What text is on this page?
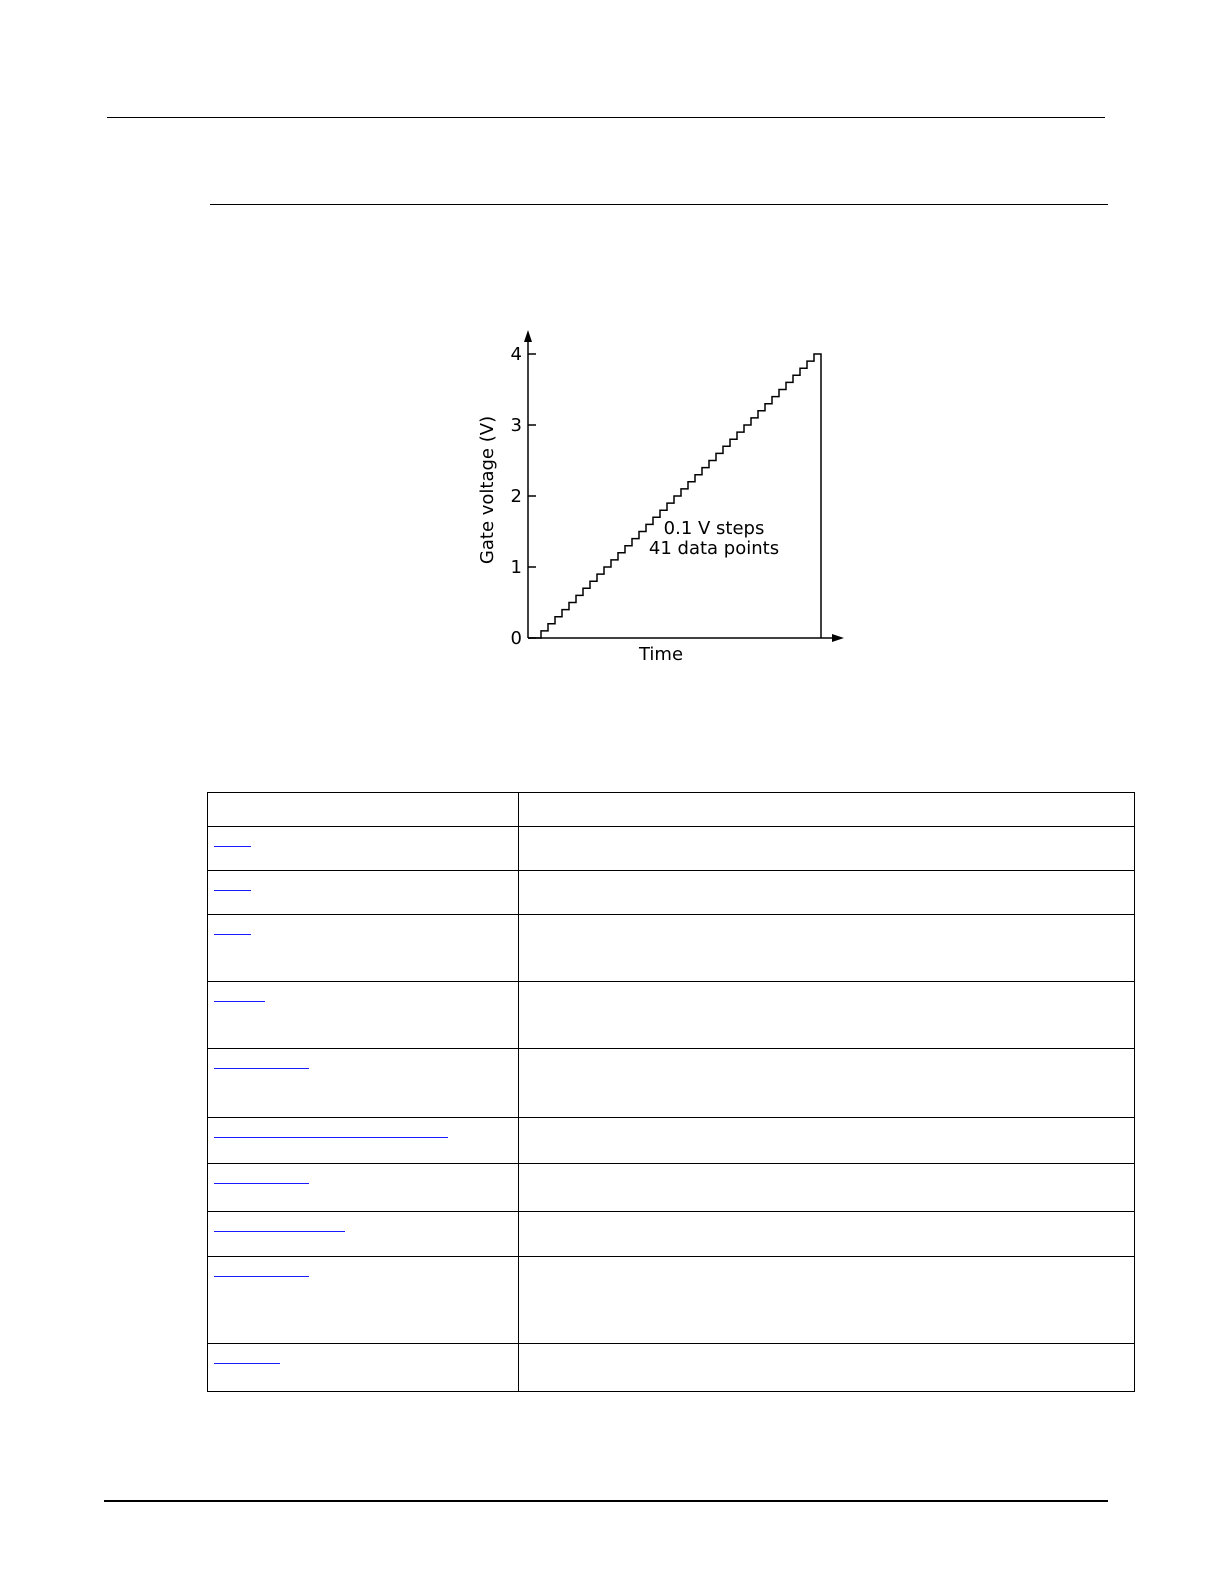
0
1
2
3
4
Gate voltage (V)
Time
0.1 V steps
41 data points
